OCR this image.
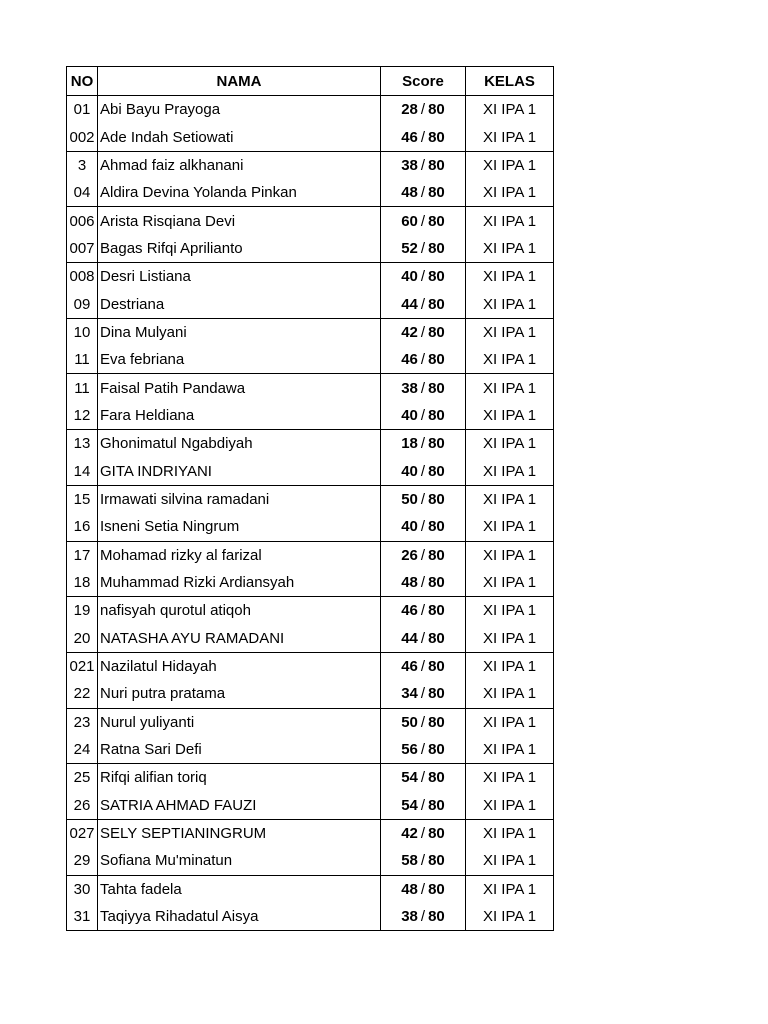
NO	NAMA	Score	KELAS
01	Abi Bayu Prayoga	28 / 80	XI IPA 1
002	Ade Indah Setiowati	46 / 80	XI IPA 1
3	Ahmad faiz alkhanani	38 / 80	XI IPA 1
04	Aldira Devina Yolanda Pinkan	48 / 80	XI IPA 1
006	Arista Risqiana Devi	60 / 80	XI IPA 1
007	Bagas Rifqi Aprilianto	52 / 80	XI IPA 1
008	Desri Listiana	40 / 80	XI IPA 1
09	Destriana	44 / 80	XI IPA 1
10	Dina Mulyani	42 / 80	XI IPA 1
11	Eva febriana	46 / 80	XI IPA 1
11	Faisal Patih Pandawa	38 / 80	XI IPA 1
12	Fara Heldiana	40 / 80	XI IPA 1
13	Ghonimatul Ngabdiyah	18 / 80	XI IPA 1
14	GITA INDRIYANI	40 / 80	XI IPA 1
15	Irmawati silvina ramadani	50 / 80	XI IPA 1
16	Isneni Setia Ningrum	40 / 80	XI IPA 1
17	Mohamad rizky al farizal	26 / 80	XI IPA 1
18	Muhammad Rizki Ardiansyah	48 / 80	XI IPA 1
19	nafisyah qurotul atiqoh	46 / 80	XI IPA 1
20	NATASHA AYU RAMADANI	44 / 80	XI IPA 1
021	Nazilatul Hidayah	46 / 80	XI IPA 1
22	Nuri putra pratama	34 / 80	XI IPA 1
23	Nurul yuliyanti	50 / 80	XI IPA 1
24	Ratna Sari Defi	56 / 80	XI IPA 1
25	Rifqi alifian toriq	54 / 80	XI IPA 1
26	SATRIA AHMAD FAUZI	54 / 80	XI IPA 1
027	SELY SEPTIANINGRUM	42 / 80	XI IPA 1
29	Sofiana Mu'minatun	58 / 80	XI IPA 1
30	Tahta fadela	48 / 80	XI IPA 1
31	Taqiyya Rihadatul Aisya	38 / 80	XI IPA 1
